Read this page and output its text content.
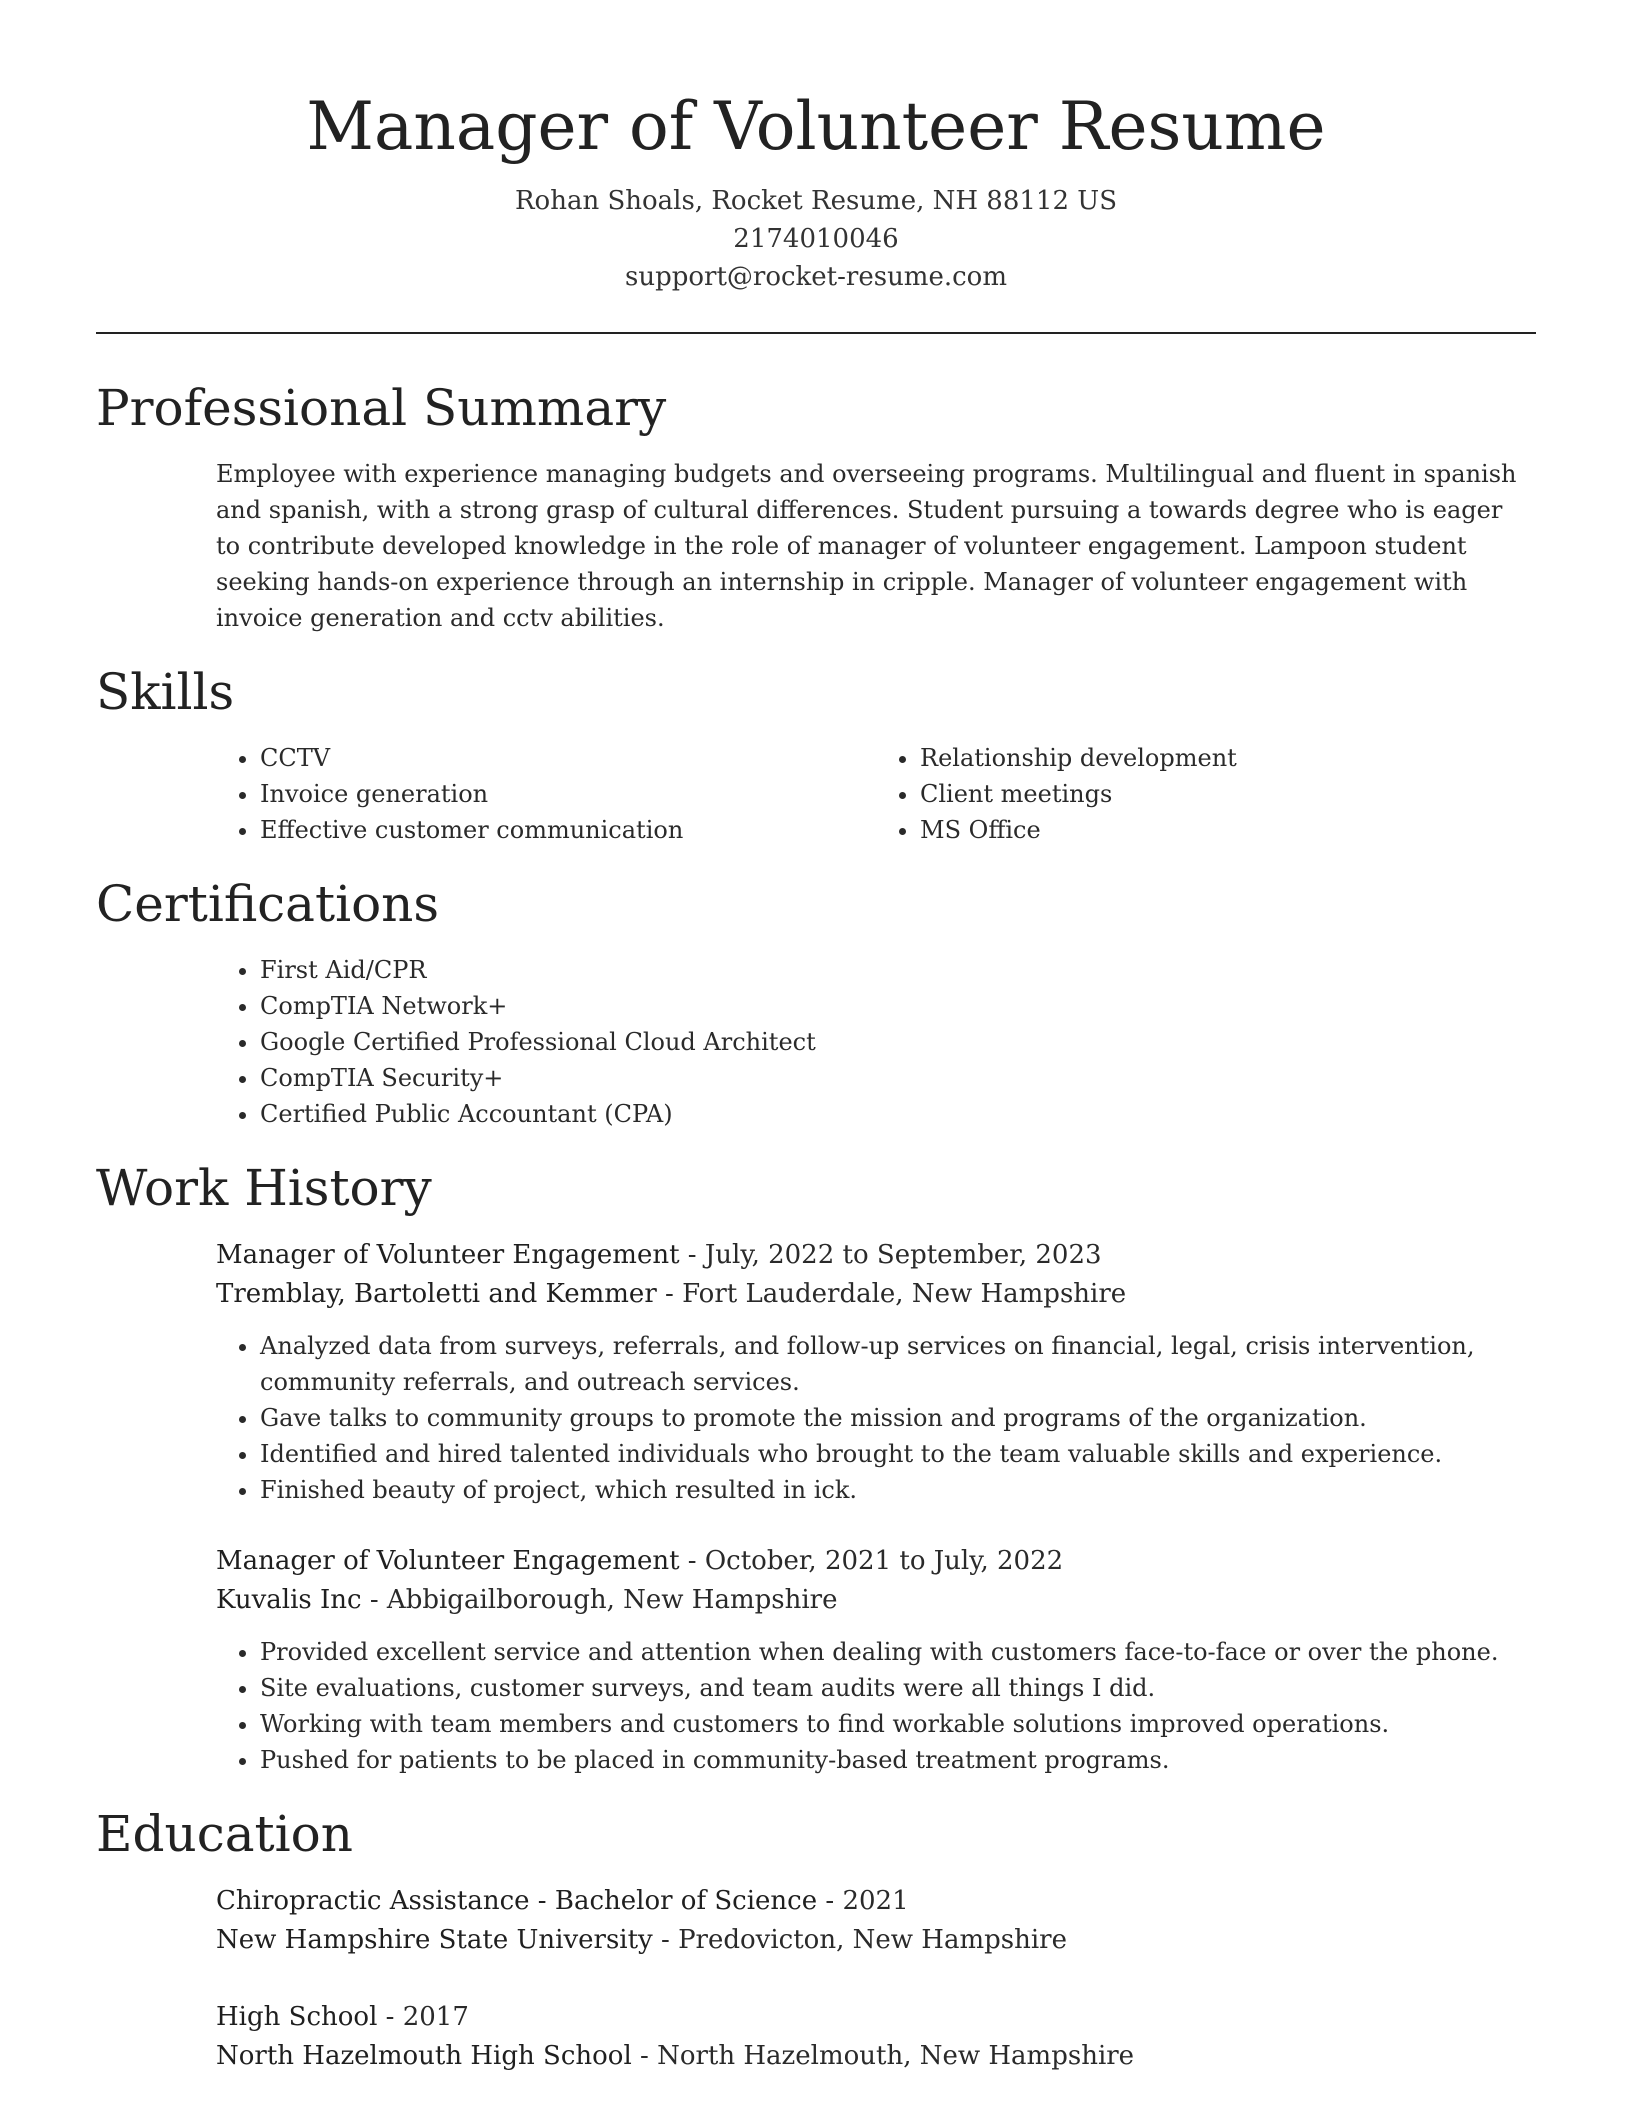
Manager of Volunteer Resume
Rohan Shoals, Rocket Resume, NH 88112 US
2174010046
support@rocket-resume.com
Professional Summary

Employee with experience managing budgets and overseeing programs. Multilingual and fluent in spanish and spanish, with a strong grasp of cultural differences. Student pursuing a towards degree who is eager to contribute developed knowledge in the role of manager of volunteer engagement. Lampoon student seeking hands-on experience through an internship in cripple. Manager of volunteer engagement with invoice generation and cctv abilities.

Skills
• CCTV
• Invoice generation
• Effective customer communication
• Relationship development
• Client meetings
• MS Office
Certifications
• First Aid/CPR
• CompTIA Network+
• Google Certified Professional Cloud Architect
• CompTIA Security+
• Certified Public Accountant (CPA)
Work History
Manager of Volunteer Engagement - July, 2022 to September, 2023
Tremblay, Bartoletti and Kemmer - Fort Lauderdale, New Hampshire
• Analyzed data from surveys, referrals, and follow-up services on financial, legal, crisis intervention, community referrals, and outreach services.
• Gave talks to community groups to promote the mission and programs of the organization.
• Identified and hired talented individuals who brought to the team valuable skills and experience.
• Finished beauty of project, which resulted in ick.
Manager of Volunteer Engagement - October, 2021 to July, 2022
Kuvalis Inc - Abbigailborough, New Hampshire
• Provided excellent service and attention when dealing with customers face-to-face or over the phone.
• Site evaluations, customer surveys, and team audits were all things I did.
• Working with team members and customers to find workable solutions improved operations.
• Pushed for patients to be placed in community-based treatment programs.
Education
Chiropractic Assistance - Bachelor of Science - 2021
New Hampshire State University - Predovicton, New Hampshire
High School - 2017
North Hazelmouth High School - North Hazelmouth, New Hampshire
